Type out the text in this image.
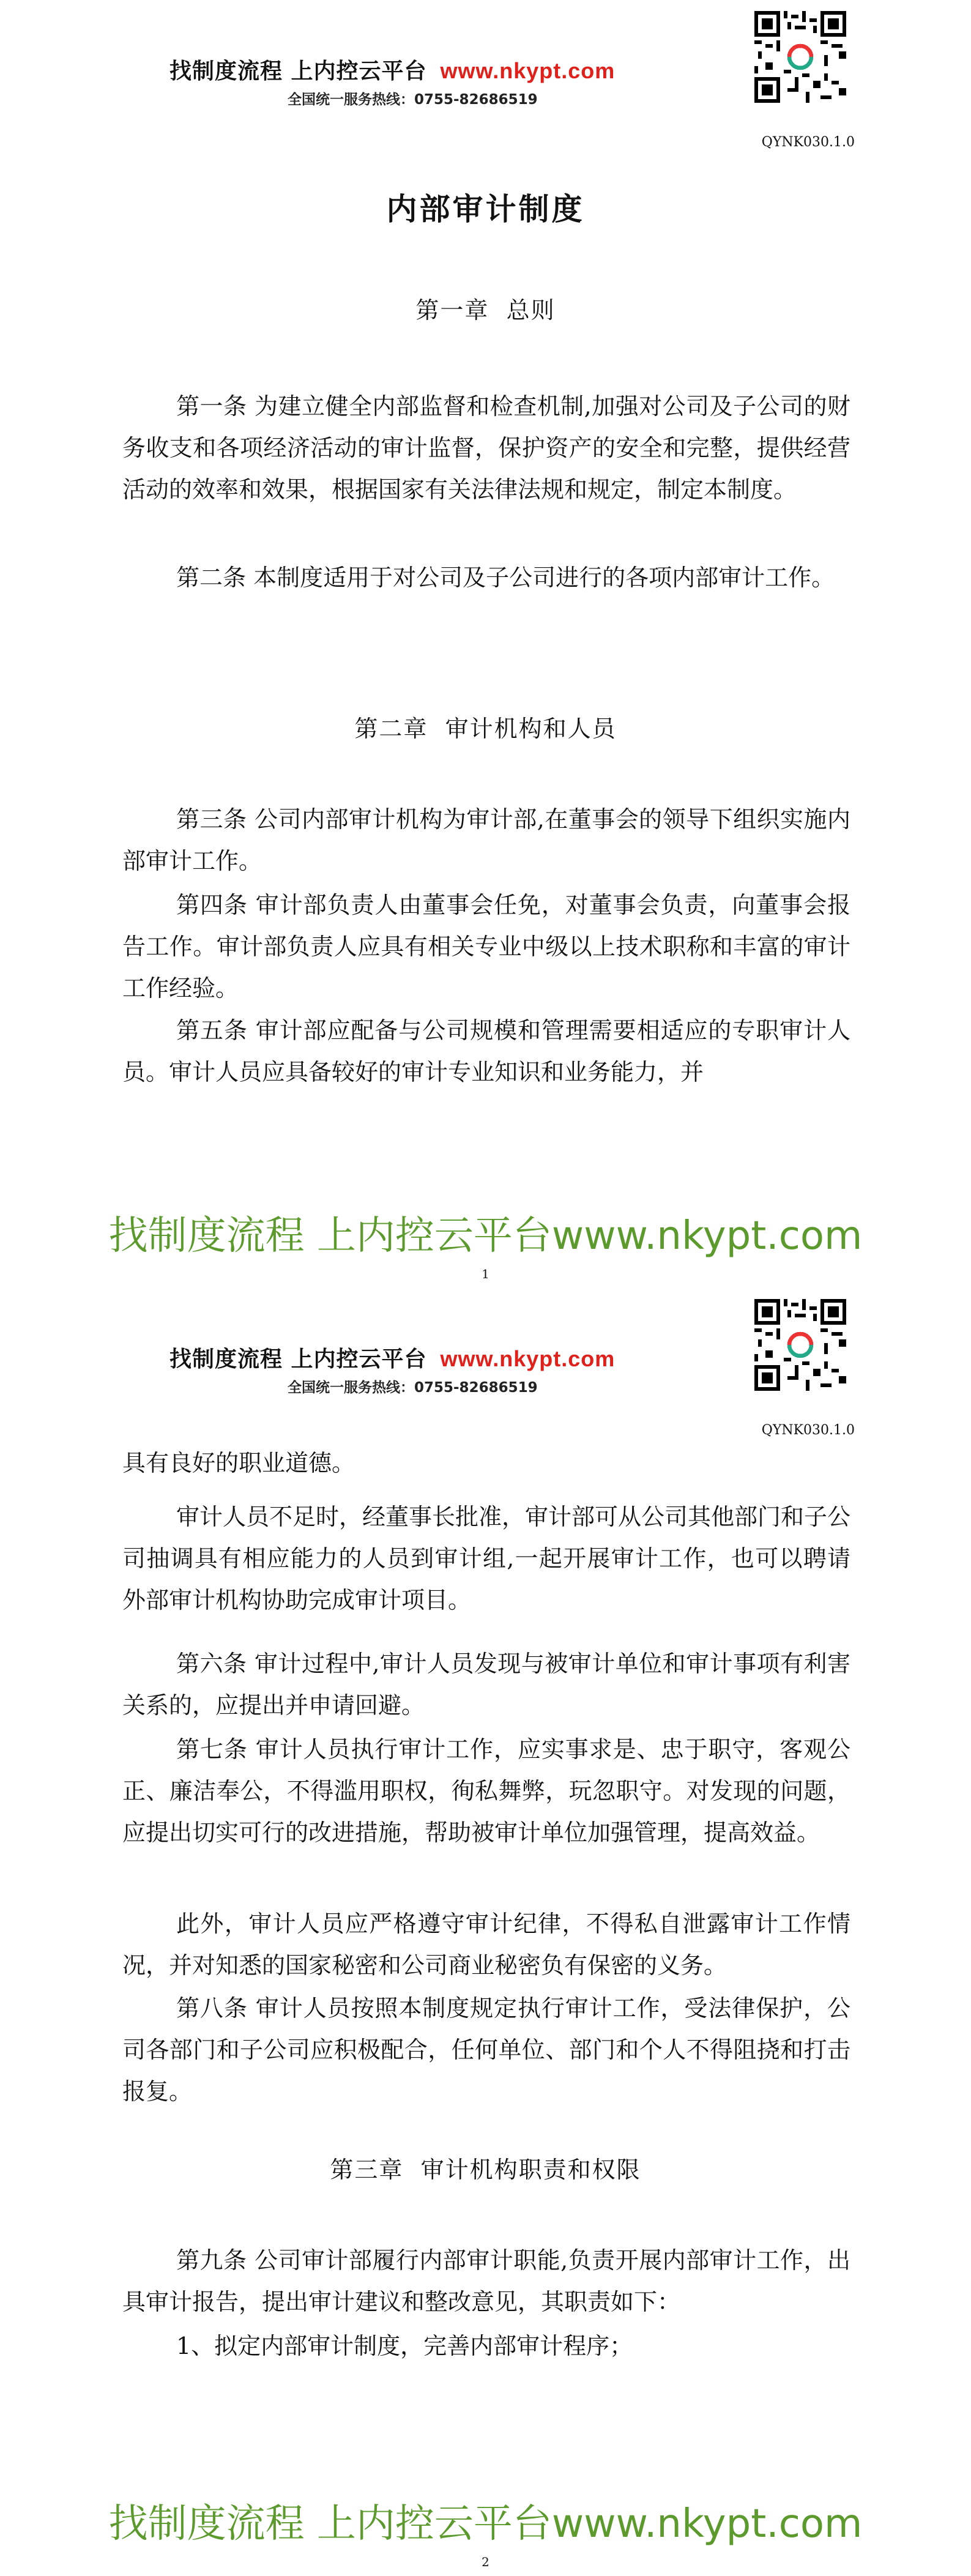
找制度流程 上内控云平台 www.nkypt.com
全国统一服务热线：0755-82686519
QYNK030.1.0
内部审计制度
第一章  总则

第一条 为建立健全内部监督和检查机制,加强对公司及子公司的财务收支和各项经济活动的审计监督，保护资产的安全和完整，提供经营活动的效率和效果，根据国家有关法律法规和规定，制定本制度。

第二条 本制度适用于对公司及子公司进行的各项内部审计工作。

第二章  审计机构和人员

第三条 公司内部审计机构为审计部,在董事会的领导下组织实施内部审计工作。

第四条 审计部负责人由董事会任免，对董事会负责，向董事会报告工作。审计部负责人应具有相关专业中级以上技术职称和丰富的审计工作经验。

第五条 审计部应配备与公司规模和管理需要相适应的专职审计人员。审计人员应具备较好的审计专业知识和业务能力，并

找制度流程 上内控云平台www.nkypt.com
1
找制度流程 上内控云平台 www.nkypt.com
全国统一服务热线：0755-82686519
QYNK030.1.0

具有良好的职业道德。

审计人员不足时，经董事长批准，审计部可从公司其他部门和子公司抽调具有相应能力的人员到审计组,一起开展审计工作，也可以聘请外部审计机构协助完成审计项目。

第六条 审计过程中,审计人员发现与被审计单位和审计事项有利害关系的，应提出并申请回避。

第七条 审计人员执行审计工作，应实事求是、忠于职守，客观公正、廉洁奉公，不得滥用职权，徇私舞弊，玩忽职守。对发现的问题，应提出切实可行的改进措施，帮助被审计单位加强管理，提高效益。

此外，审计人员应严格遵守审计纪律，不得私自泄露审计工作情况，并对知悉的国家秘密和公司商业秘密负有保密的义务。

第八条 审计人员按照本制度规定执行审计工作，受法律保护，公司各部门和子公司应积极配合，任何单位、部门和个人不得阻挠和打击报复。

第三章  审计机构职责和权限

第九条 公司审计部履行内部审计职能,负责开展内部审计工作，出具审计报告，提出审计建议和整改意见，其职责如下：

1、拟定内部审计制度，完善内部审计程序；

找制度流程 上内控云平台www.nkypt.com
2
